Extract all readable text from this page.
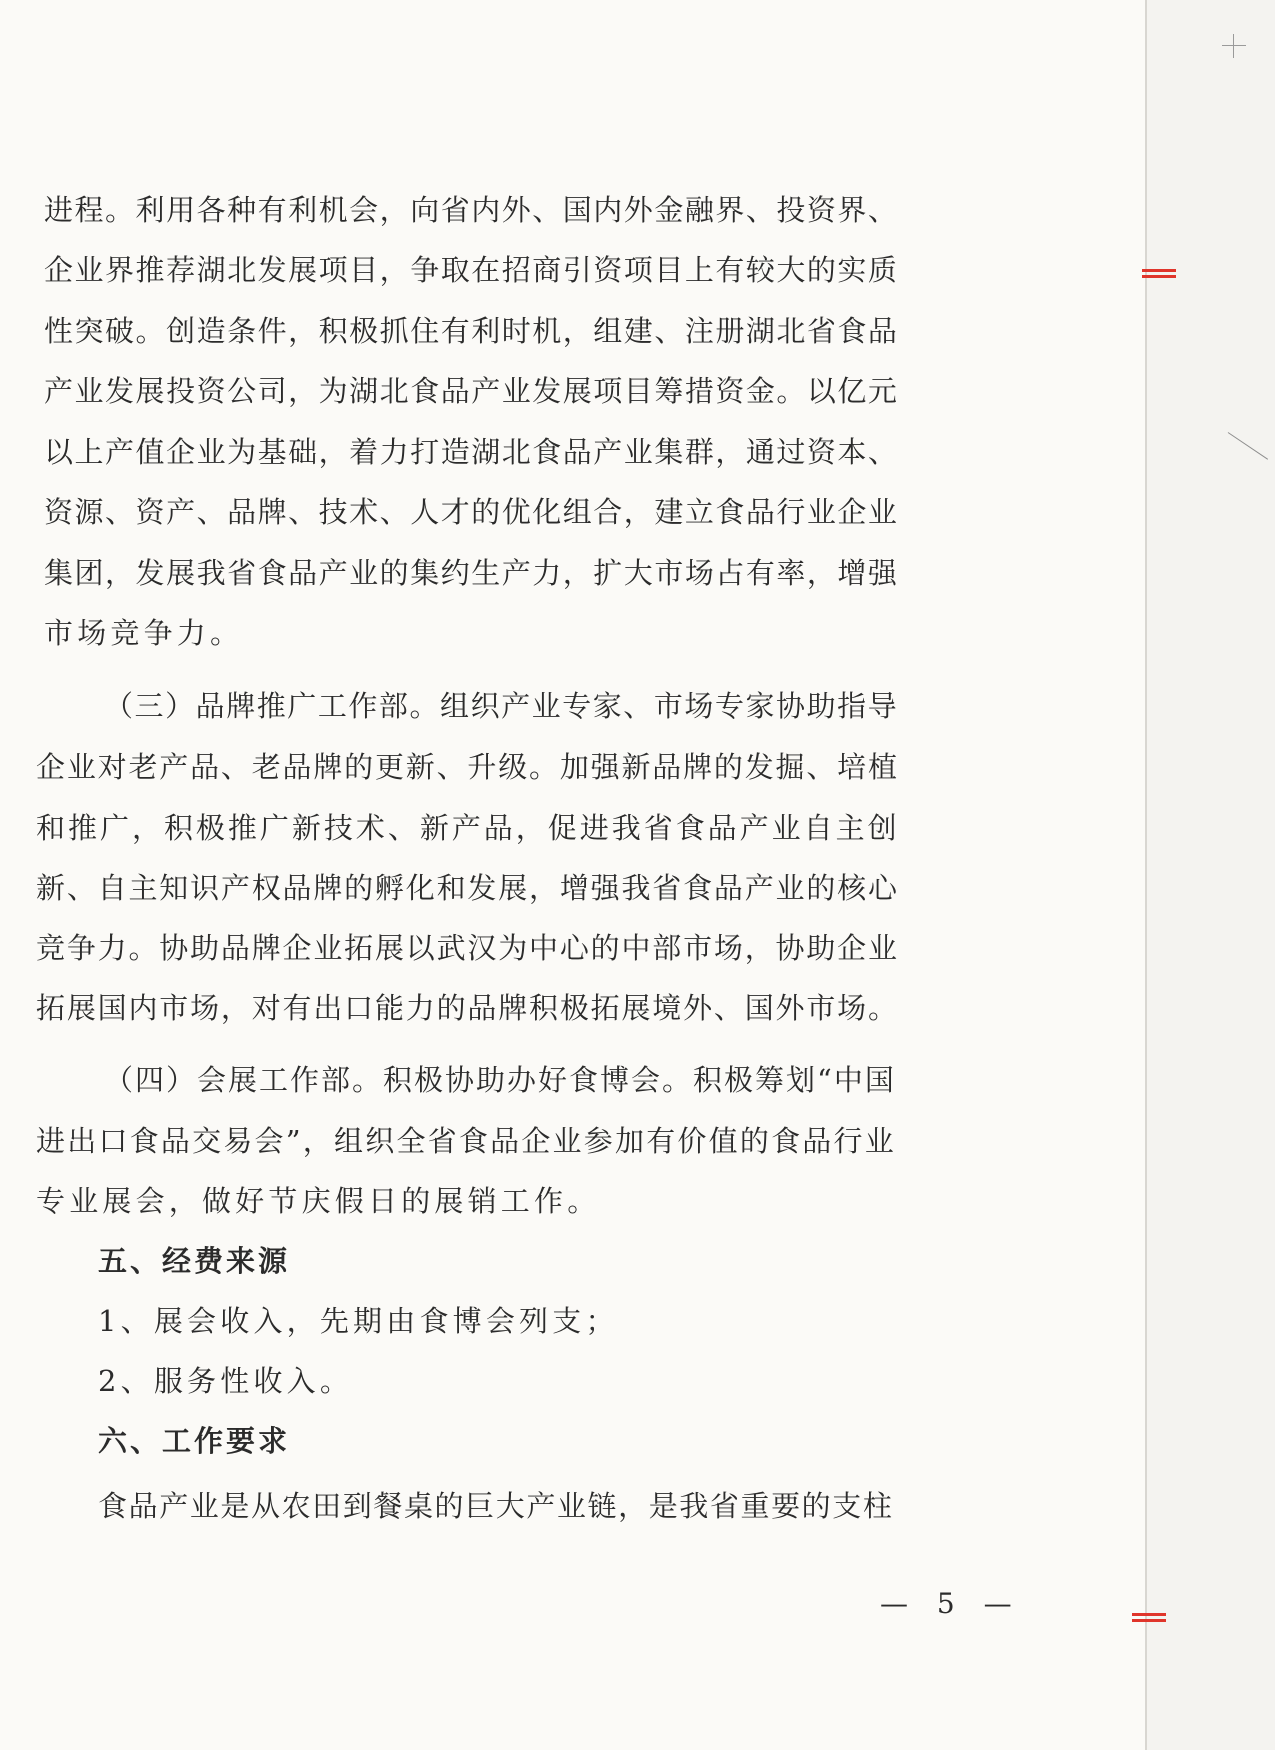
进 程 。 利 用 各 种 有 利 机 会 ， 向 省 内 外 、 国 内 外 金 融 界 、 投 资 界 、
企 业 界 推 荐 湖 北 发 展 项 目 ， 争 取 在 招 商 引 资 项 目 上 有 较 大 的 实 质
性 突 破 。 创 造 条 件 ， 积 极 抓 住 有 利 时 机 ， 组 建 、 注 册 湖 北 省 食 品
产 业 发 展 投 资 公 司 ， 为 湖 北 食 品 产 业 发 展 项 目 筹 措 资 金 。 以 亿 元
以 上 产 值 企 业 为 基 础 ， 着 力 打 造 湖 北 食 品 产 业 集 群 ， 通 过 资 本 、
资 源 、 资 产 、 品 牌 、 技 术 、 人 才 的 优 化 组 合 ， 建 立 食 品 行 业 企 业
集 团 ， 发 展 我 省 食 品 产 业 的 集 约 生 产 力 ， 扩 大 市 场 占 有 率 ， 增 强
市场竞争力。
（ 三 ） 品 牌 推 广 工 作 部 。 组 织 产 业 专 家 、 市 场 专 家 协 助 指 导
企 业 对 老 产 品 、 老 品 牌 的 更 新 、 升 级 。 加 强 新 品 牌 的 发 掘 、 培 植
和 推 广 ， 积 极 推 广 新 技 术 、 新 产 品 ， 促 进 我 省 食 品 产 业 自 主 创
新 、 自 主 知 识 产 权 品 牌 的 孵 化 和 发 展 ， 增 强 我 省 食 品 产 业 的 核 心
竞 争 力 。 协 助 品 牌 企 业 拓 展 以 武 汉 为 中 心 的 中 部 市 场 ， 协 助 企 业
拓 展 国 内 市 场 ， 对 有 出 口 能 力 的 品 牌 积 极 拓 展 境 外 、 国 外 市 场 。
（ 四 ） 会 展 工 作 部 。 积 极 协 助 办 好 食 博 会 。 积 极 筹 划 “ 中 国
进 出 口 食 品 交 易 会 ” ， 组 织 全 省 食 品 企 业 参 加 有 价 值 的 食 品 行 业
专业展会，做好节庆假日的展销工作。
五、经费来源
1、展会收入，先期由食博会列支；
2、服务性收入。
六、工作要求
食 品 产 业 是 从 农 田 到 餐 桌 的 巨 大 产 业 链 ， 是 我 省 重 要 的 支 柱
— 5 —
